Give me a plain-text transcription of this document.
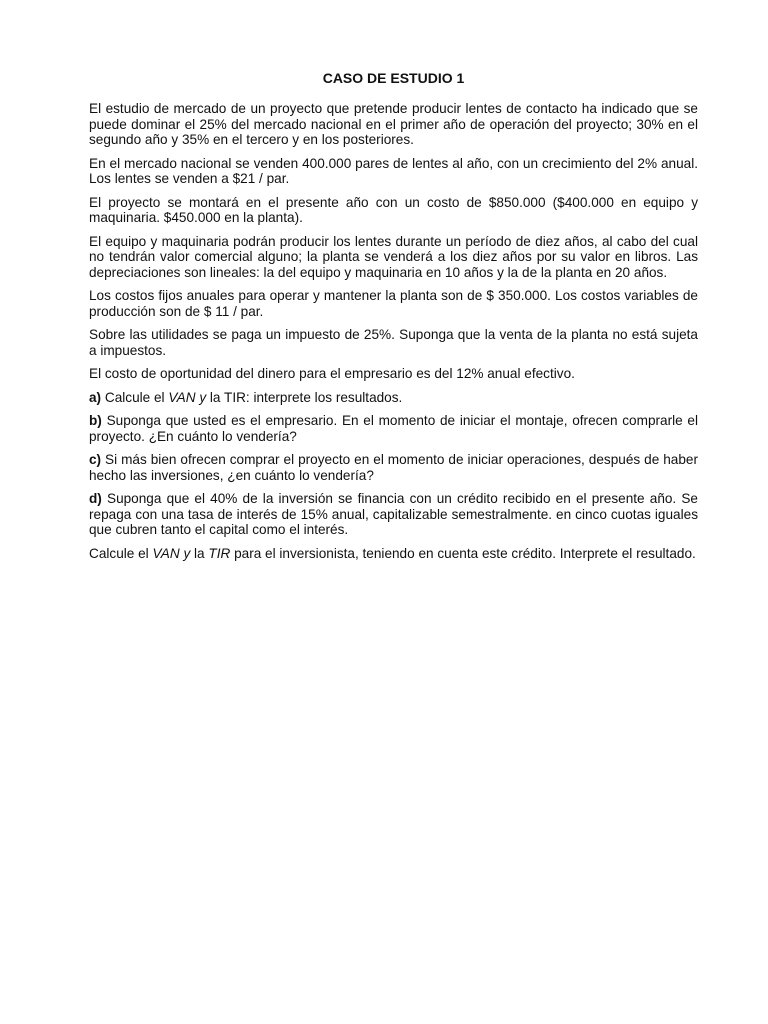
CASO DE ESTUDIO 1

El estudio de mercado de un proyecto que pretende producir lentes de contacto ha indicado que se puede dominar el 25% del mercado nacional en el primer año de operación del proyecto; 30% en el segundo año y 35% en el tercero y en los posteriores.

En el mercado nacional se venden 400.000 pares de lentes al año, con un crecimiento del 2% anual. Los lentes se venden a $21 / par.

El proyecto se montará en el presente año con un costo de $850.000 ($400.000 en equipo y maquinaria. $450.000 en la planta).

El equipo y maquinaria podrán producir los lentes durante un período de diez años, al cabo del cual no tendrán valor comercial alguno; la planta se venderá a los diez años por su valor en libros. Las depreciaciones son lineales: la del equipo y maquinaria en 10 años y la de la planta en 20 años.

Los costos fijos anuales para operar y mantener la planta son de $ 350.000. Los costos variables de producción son de $ 11 / par.

Sobre las utilidades se paga un impuesto de 25%. Suponga que la venta de la planta no está sujeta a impuestos.

El costo de oportunidad del dinero para el empresario es del 12% anual efectivo.

a) Calcule el VAN y la TIR: interprete los resultados.

b) Suponga que usted es el empresario. En el momento de iniciar el montaje, ofrecen comprarle el proyecto. ¿En cuánto lo vendería?

c) Si más bien ofrecen comprar el proyecto en el momento de iniciar operaciones, después de haber hecho las inversiones, ¿en cuánto lo vendería?

d) Suponga que el 40% de la inversión se financia con un crédito recibido en el presente año. Se repaga con una tasa de interés de 15% anual, capitalizable semestralmente. en cinco cuotas iguales que cubren tanto el capital como el interés.

Calcule el VAN y la TIR para el inversionista, teniendo en cuenta este crédito. Interprete el resultado.
